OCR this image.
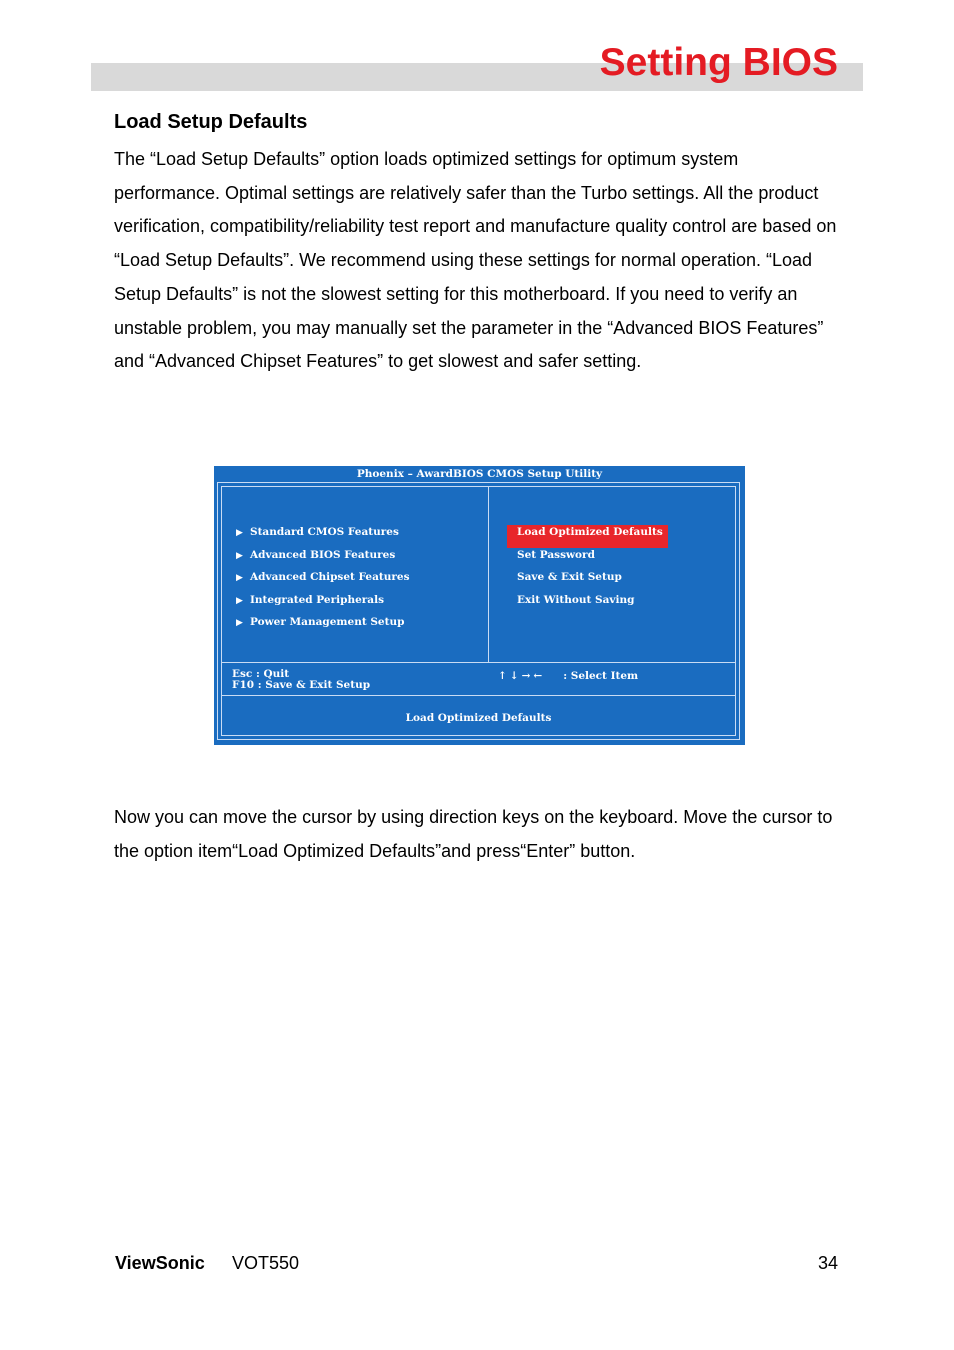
Setting BIOS
Load Setup Defaults
The “Load Setup Defaults” option loads optimized settings for optimum system performance. Optimal settings are relatively safer than the Turbo settings. All the product verification, compatibility/reliability test report and manufacture quality control are based on “Load Setup Defaults”. We recommend using these settings for normal operation. “Load Setup Defaults” is not the slowest setting for this motherboard. If you need to verify an unstable problem, you may manually set the parameter in the “Advanced BIOS Features” and “Advanced Chipset Features” to get slowest and safer setting.
Phoenix – AwardBIOS CMOS Setup Utility
▶ Standard CMOS Features
▶ Advanced BIOS Features
▶ Advanced Chipset Features
▶ Integrated Peripherals
▶ Power Management Setup
Load Optimized Defaults
Set Password
Save & Exit Setup
Exit Without Saving
Esc : Quit
F10 : Save & Exit Setup
↑↓→← : Select Item
Load Optimized Defaults
Now you can move the cursor by using direction keys on the keyboard. Move the cursor to the option item“Load Optimized Defaults”and press“Enter” button.
ViewSonic VOT550	34
